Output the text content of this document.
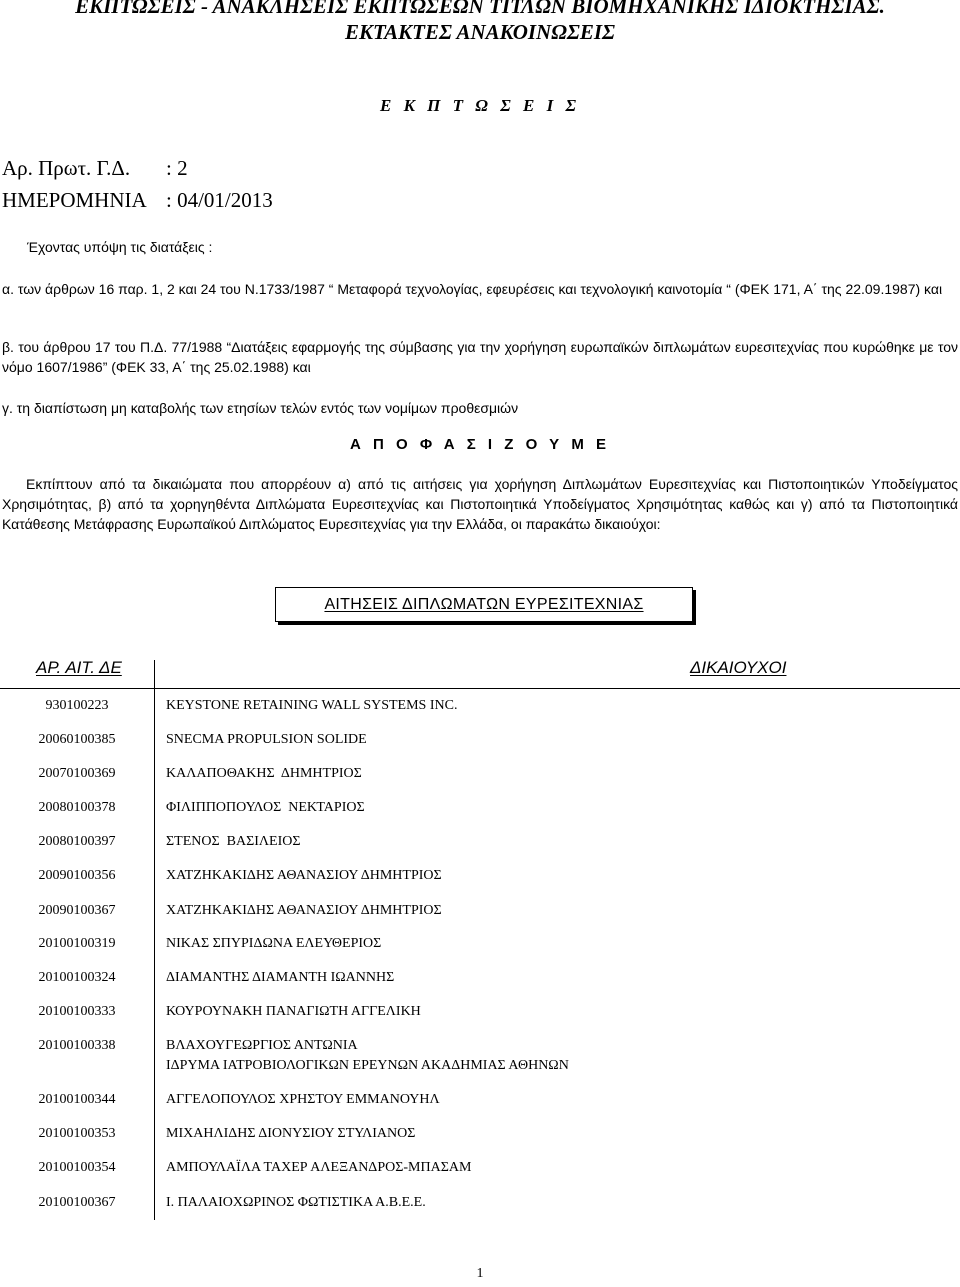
ΕΚΠΤΩΣΕΙΣ - ΑΝΑΚΛΗΣΕΙΣ ΕΚΠΤΩΣΕΩΝ ΤΙΤΛΩΝ ΒΙΟΜΗΧΑΝΙΚΗΣ ΙΔΙΟΚΤΗΣΙΑΣ.
ΕΚΤΑΚΤΕΣ ΑΝΑΚΟΙΝΩΣΕΙΣ
Ε Κ Π Τ Ω Σ Ε Ι Σ
Αρ. Πρωτ. Γ.Δ. : 2
ΗΜΕΡΟΜΗΝΙΑ : 04/01/2013
Έχοντας υπόψη τις διατάξεις :
α. των άρθρων 16 παρ. 1, 2 και 24 του Ν.1733/1987 “ Μεταφορά τεχνολογίας, εφευρέσεις και τεχνολογική καινοτομία “ (ΦΕΚ 171, Α΄ της 22.09.1987) και
β. του άρθρου 17 του Π.Δ. 77/1988 “Διατάξεις εφαρμογής της σύμβασης για την χορήγηση ευρωπαϊκών διπλωμάτων ευρεσιτεχνίας που κυρώθηκε με τον νόμο 1607/1986” (ΦΕΚ 33, Α΄ της 25.02.1988) και
γ. τη διαπίστωση μη καταβολής των ετησίων τελών εντός των νομίμων προθεσμιών
Α Π Ο Φ Α Σ Ι Ζ Ο Υ Μ Ε
Εκπίπτουν από τα δικαιώματα που απορρέουν α) από τις αιτήσεις για χορήγηση Διπλωμάτων Ευρεσιτεχνίας και Πιστοποιητικών Υποδείγματος Χρησιμότητας, β) από τα χορηγηθέντα Διπλώματα Ευρεσιτεχνίας και Πιστοποιητικά Υποδείγματος Χρησιμότητας καθώς και γ) από τα Πιστοποιητικά Κατάθεσης Μετάφρασης Ευρωπαϊκού Διπλώματος Ευρεσιτεχνίας για την Ελλάδα, οι παρακάτω δικαιούχοι:
ΑΙΤΗΣΕΙΣ ΔΙΠΛΩΜΑΤΩΝ ΕΥΡΕΣΙΤΕΧΝΙΑΣ
ΑΡ. ΑΙΤ. ΔΕ	ΔΙΚΑΙΟΥΧΟΙ
930100223	KEYSTONE RETAINING WALL SYSTEMS INC.
20060100385	SNECMA PROPULSION SOLIDE
20070100369	ΚΑΛΑΠΟΘΑΚΗΣ  ΔΗΜΗΤΡΙΟΣ
20080100378	ΦΙΛΙΠΠΟΠΟΥΛΟΣ  ΝΕΚΤΑΡΙΟΣ
20080100397	ΣΤΕΝΟΣ  ΒΑΣΙΛΕΙΟΣ
20090100356	ΧΑΤΖΗΚΑΚΙΔΗΣ ΑΘΑΝΑΣΙΟΥ ΔΗΜΗΤΡΙΟΣ
20090100367	ΧΑΤΖΗΚΑΚΙΔΗΣ ΑΘΑΝΑΣΙΟΥ ΔΗΜΗΤΡΙΟΣ
20100100319	ΝΙΚΑΣ ΣΠΥΡΙΔΩΝΑ ΕΛΕΥΘΕΡΙΟΣ
20100100324	ΔΙΑΜΑΝΤΗΣ ΔΙΑΜΑΝΤΗ ΙΩΑΝΝΗΣ
20100100333	ΚΟΥΡΟΥΝΑΚΗ ΠΑΝΑΓΙΩΤΗ ΑΓΓΕΛΙΚΗ
20100100338	ΒΛΑΧΟΥΓΕΩΡΓΙΟΣ ΑΝΤΩΝΙΑ
ΙΔΡΥΜΑ ΙΑΤΡΟΒΙΟΛΟΓΙΚΩΝ ΕΡΕΥΝΩΝ ΑΚΑΔΗΜΙΑΣ ΑΘΗΝΩΝ
20100100344	ΑΓΓΕΛΟΠΟΥΛΟΣ ΧΡΗΣΤΟΥ ΕΜΜΑΝΟΥΗΛ
20100100353	ΜΙΧΑΗΛΙΔΗΣ ΔΙΟΝΥΣΙΟΥ ΣΤΥΛΙΑΝΟΣ
20100100354	ΑΜΠΟΥΛΑΪΛΑ ΤΑΧΕΡ ΑΛΕΞΑΝΔΡΟΣ-ΜΠΑΣΑΜ
20100100367	Ι. ΠΑΛΑΙΟΧΩΡΙΝΟΣ ΦΩΤΙΣΤΙΚΑ Α.Β.Ε.Ε.
1
